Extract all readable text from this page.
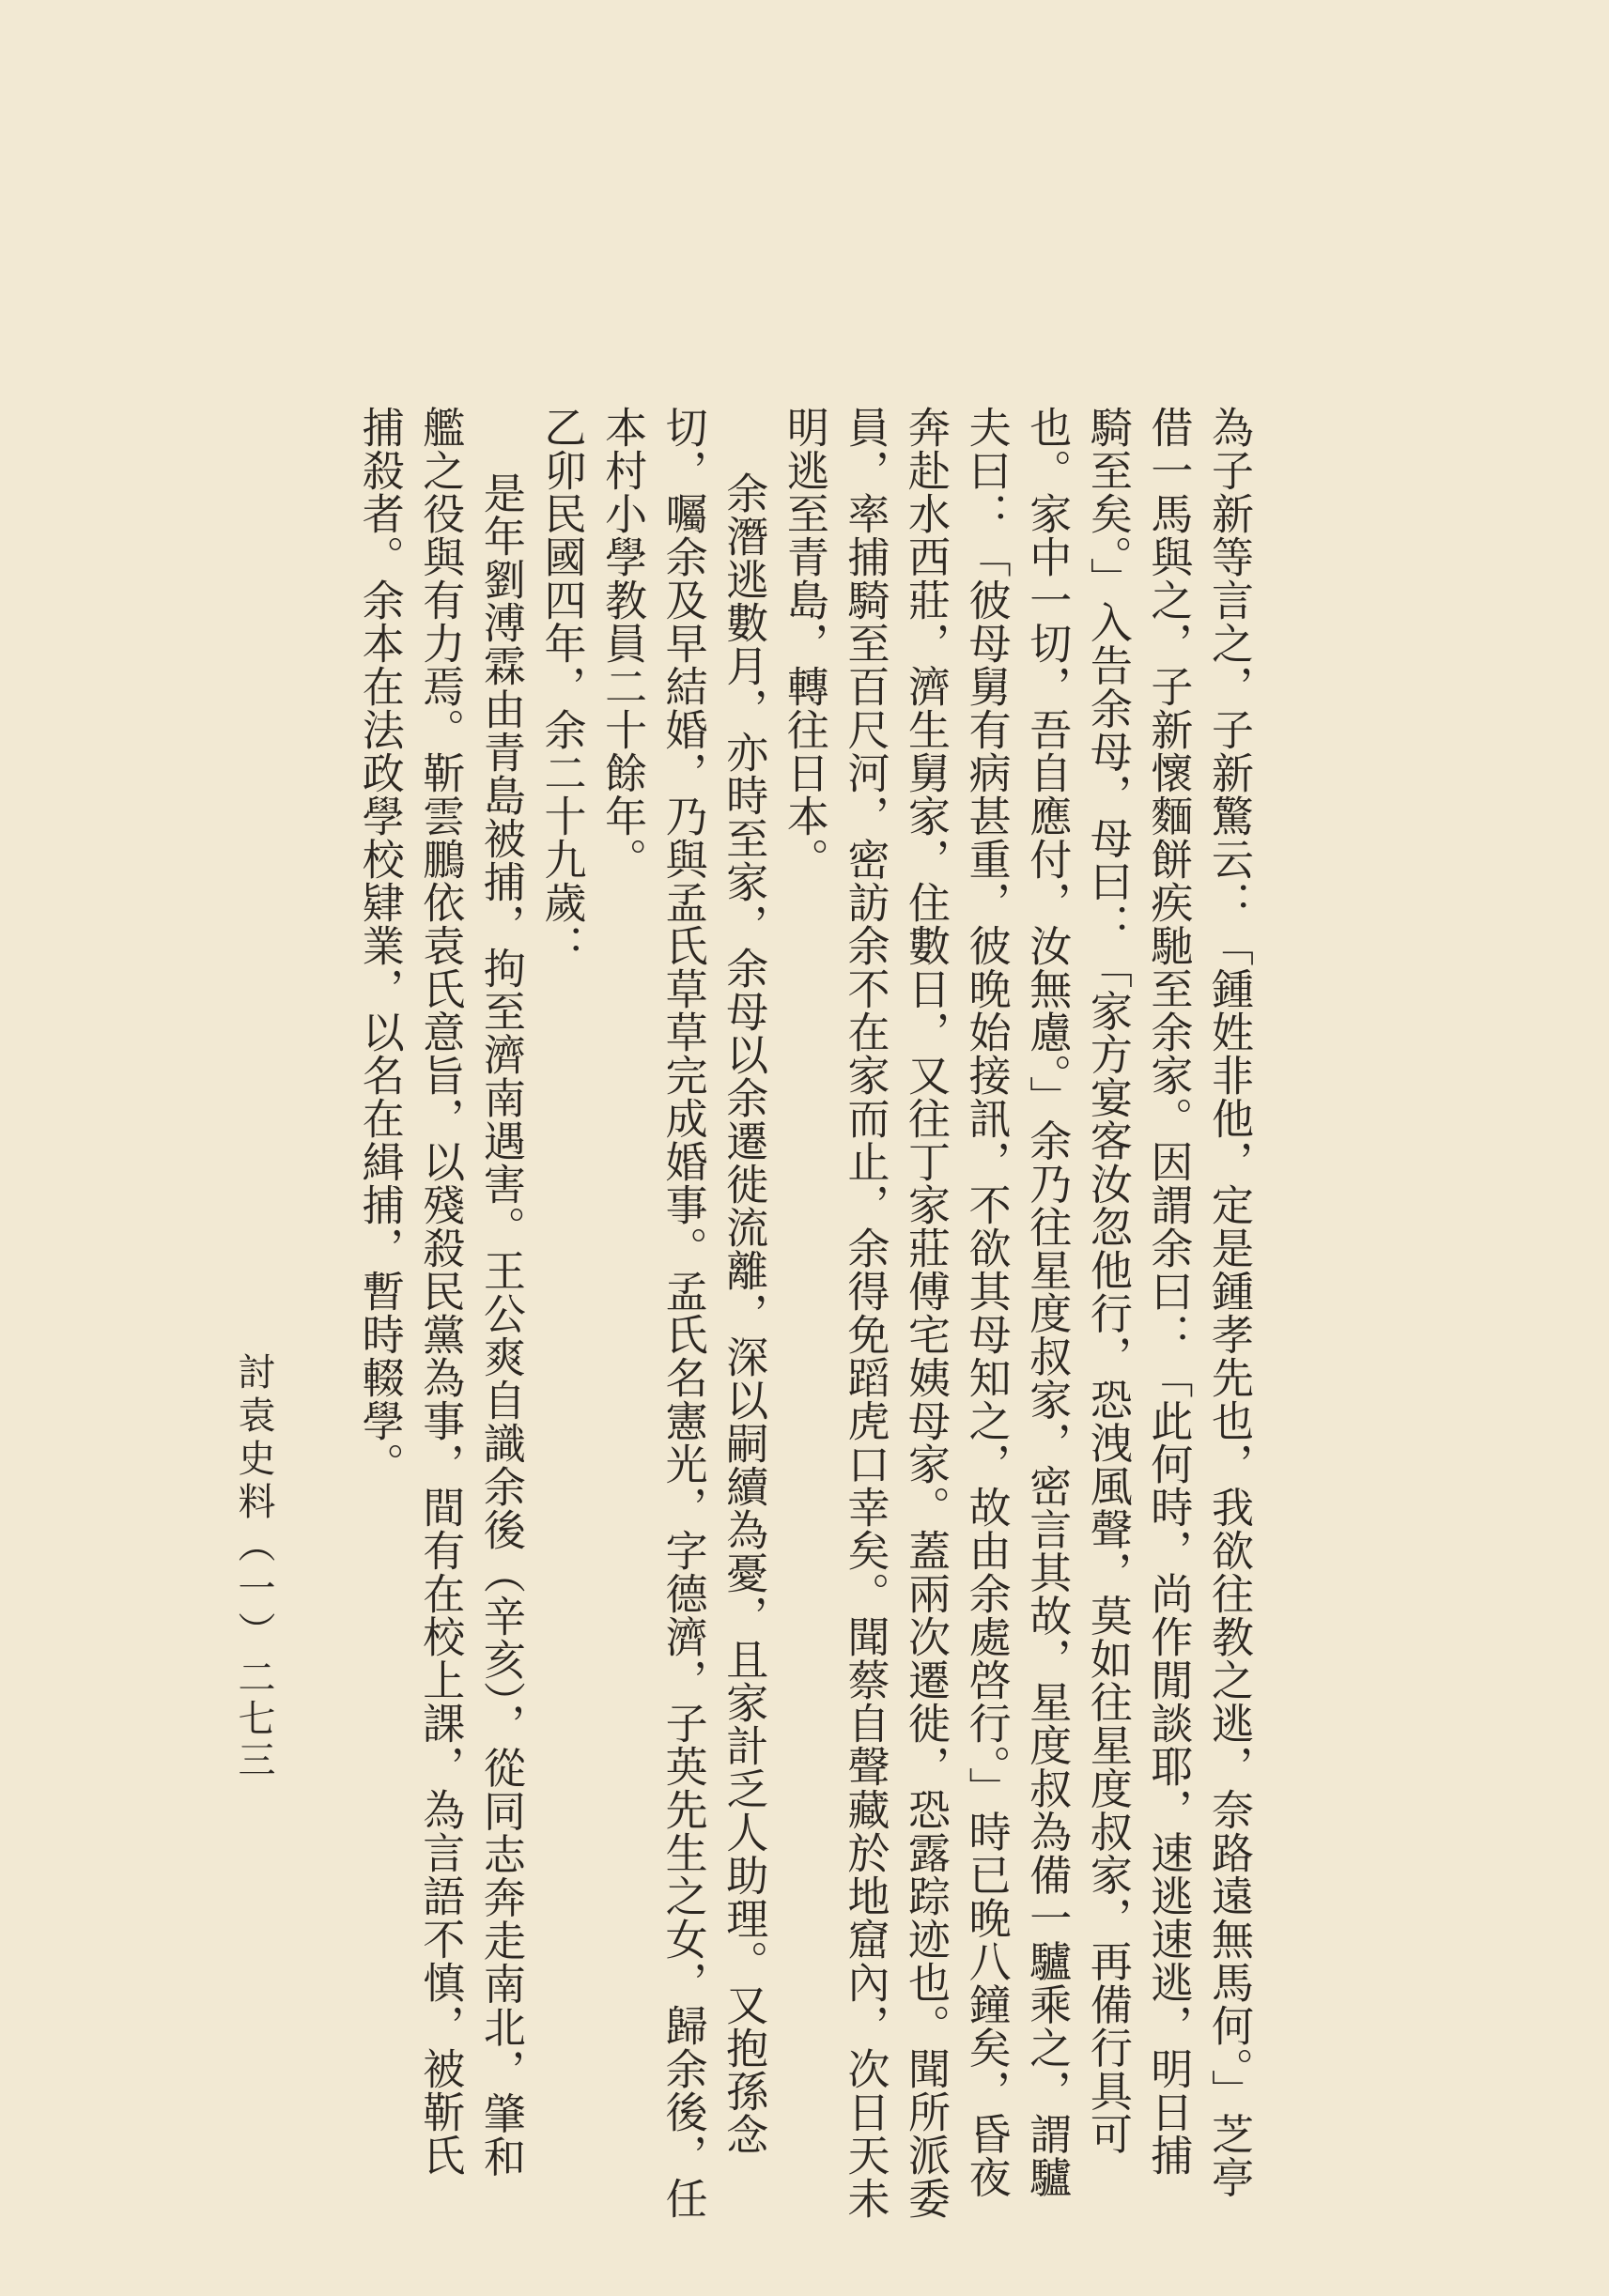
為子新等言之，子新驚云：「鍾姓非他，定是鍾孝先也，我欲往教之逃，奈路遠無馬何。」芝亭
借一馬與之，子新懷麵餅疾馳至余家。因謂余曰：「此何時，尚作閒談耶，速逃速逃，明日捕
騎至矣。」入告余母，母曰：「家方宴客汝忽他行，恐洩風聲，莫如往星度叔家，再備行具可
也。家中一切，吾自應付，汝無慮。」余乃往星度叔家，密言其故，星度叔為備一驢乘之，謂驢
夫曰：「彼母舅有病甚重，彼晚始接訊，不欲其母知之，故由余處啓行。」時已晚八鐘矣，昏夜
奔赴水西莊，濟生舅家，住數日，又往丁家莊傅宅姨母家。蓋兩次遷徙，恐露踪迹也。聞所派委
員，率捕騎至百尺河，密訪余不在家而止，余得免蹈虎口幸矣。聞蔡自聲藏於地窟內，次日天未
明逃至青島，轉往日本。
余潛逃數月，亦時至家，余母以余遷徙流離，深以嗣續為憂，且家計乏人助理。又抱孫念
切，囑余及早結婚，乃與孟氏草草完成婚事。孟氏名憲光，字德濟，子英先生之女，歸余後，任
本村小學教員二十餘年。
乙卯民國四年，余二十九歲：
是年劉溥霖由青島被捕，拘至濟南遇害。王公爽自識余後（辛亥），從同志奔走南北，肇和
艦之役與有力焉。靳雲鵬依袁氏意旨，以殘殺民黨為事，間有在校上課，為言語不慎，被靳氏
捕殺者。余本在法政學校肄業，以名在緝捕，暫時輟學。
討袁史料（一）
二七三
